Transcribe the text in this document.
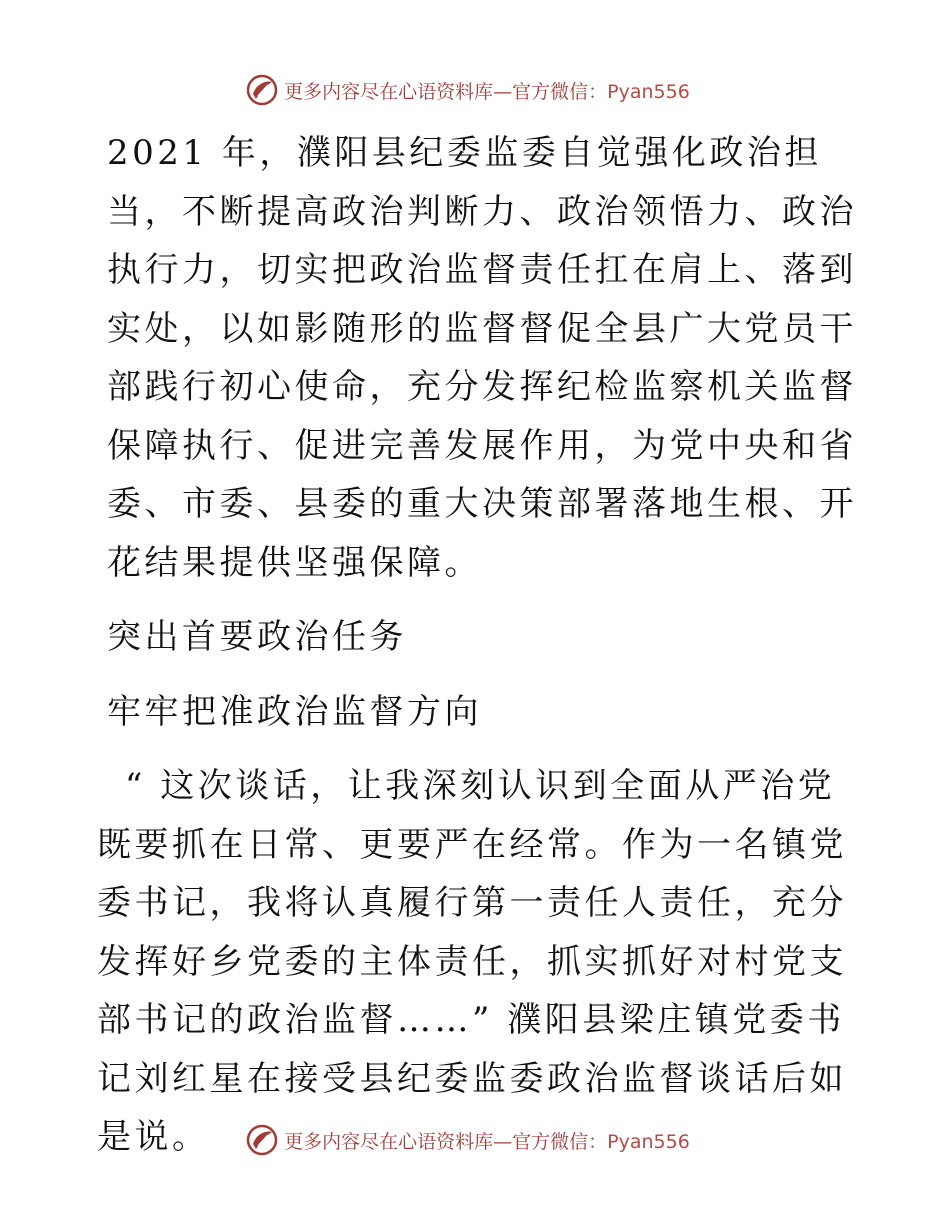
更多内容尽在心语资料库—官方微信：Pyan556

2021 年，濮阳县纪委监委自觉强化政治担当，不断提高政治判断力、政治领悟力、政治执行力，切实把政治监督责任扛在肩上、落到实处，以如影随形的监督督促全县广大党员干部践行初心使命，充分发挥纪检监察机关监督保障执行、促进完善发展作用，为党中央和省委、市委、县委的重大决策部署落地生根、开花结果提供坚强保障。

突出首要政治任务

牢牢把准政治监督方向

“ 这次谈话，让我深刻认识到全面从严治党既要抓在日常、更要严在经常。作为一名镇党委书记，我将认真履行第一责任人责任，充分发挥好乡党委的主体责任，抓实抓好对村党支部书记的政治监督……” 濮阳县梁庄镇党委书记刘红星在接受县纪委监委政治监督谈话后如是说。	更多内容尽在心语资料库—官方微信：Pyan556
